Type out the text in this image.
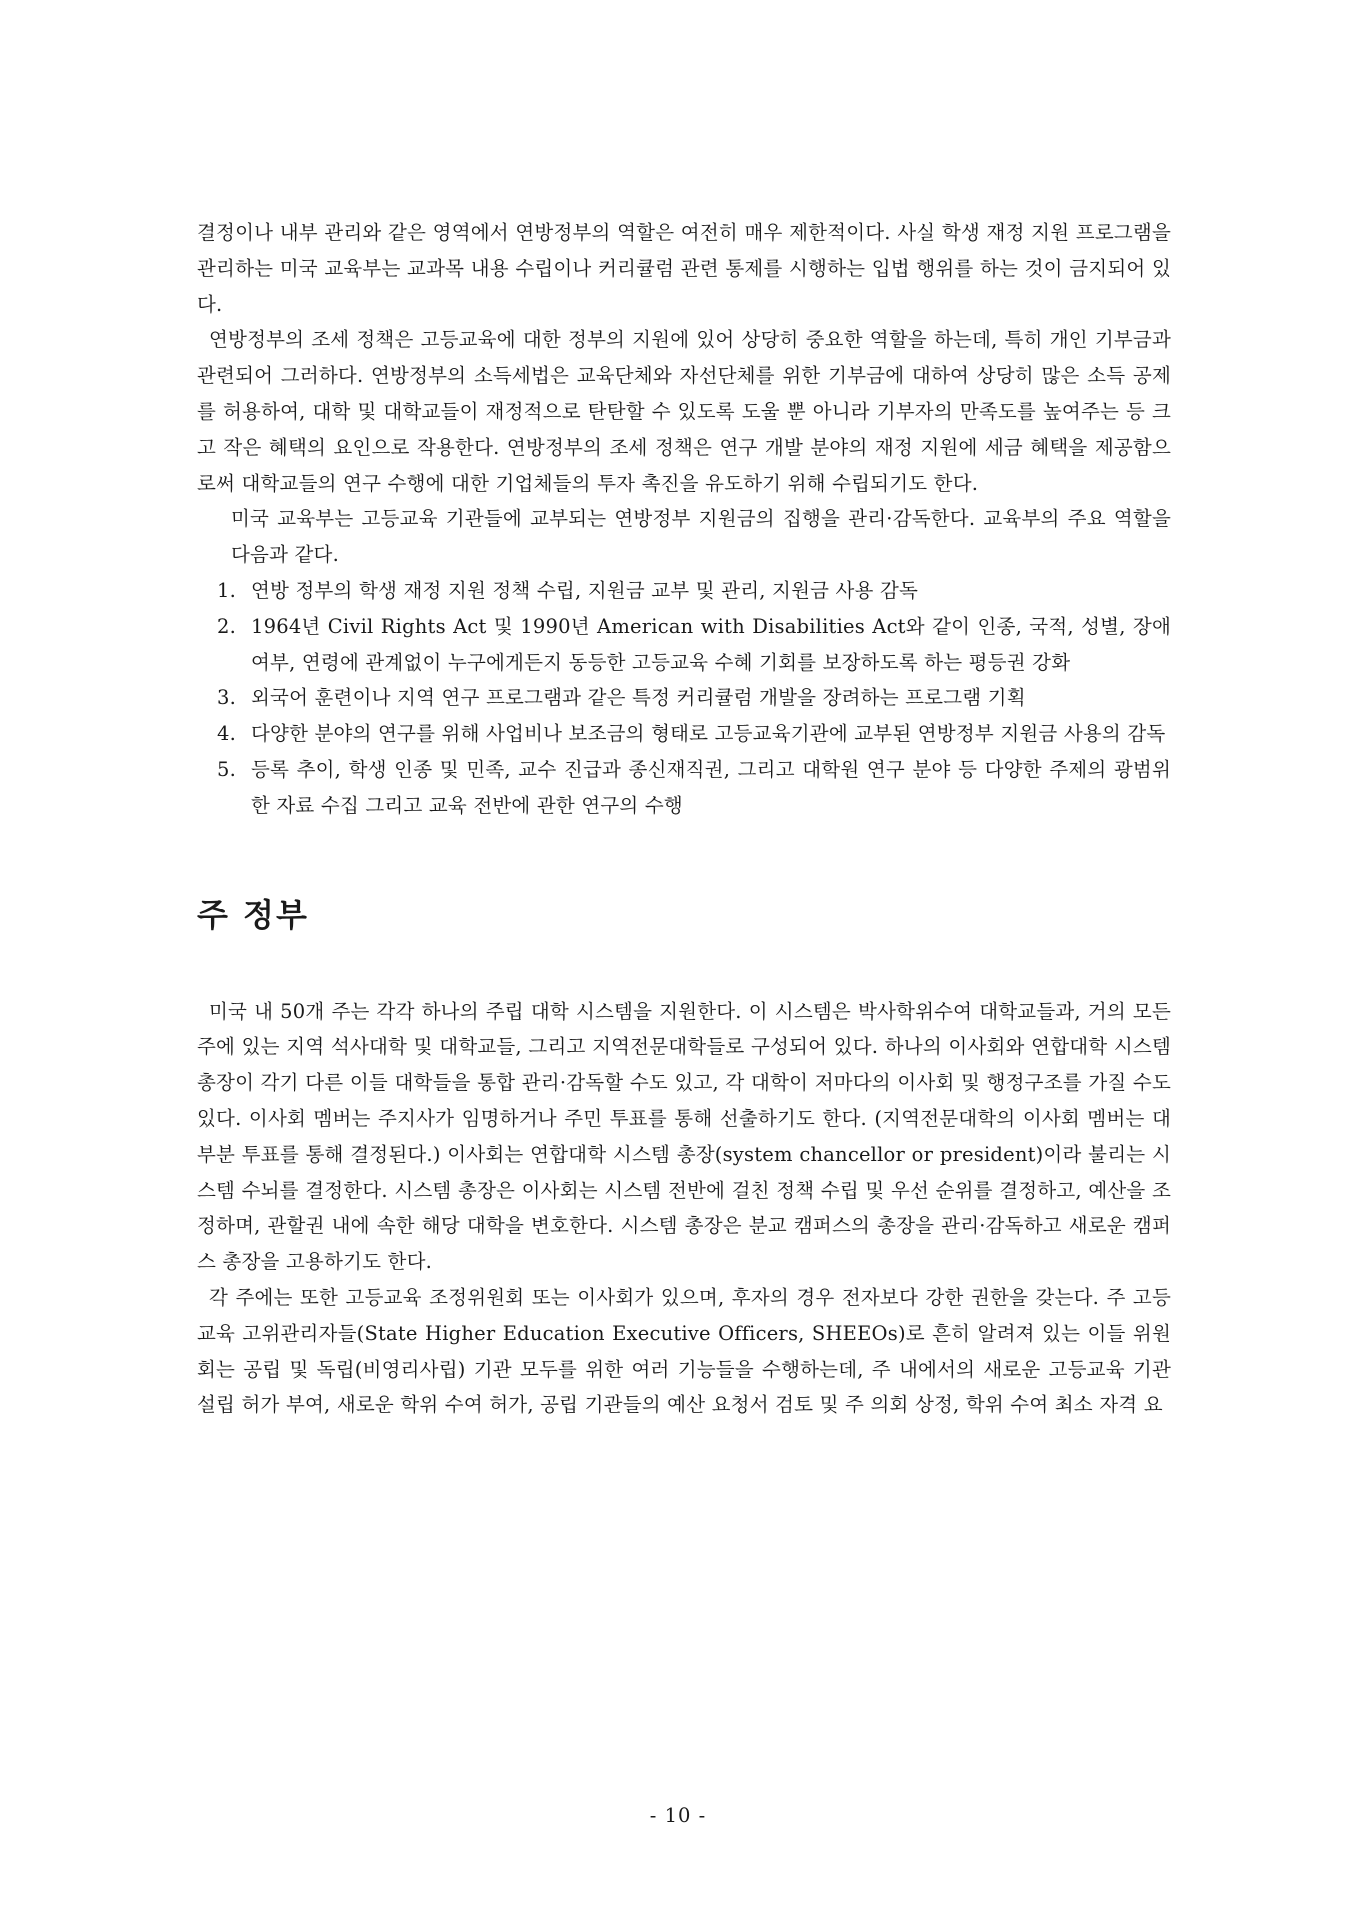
결정이나 내부 관리와 같은 영역에서 연방정부의 역할은 여전히 매우 제한적이다. 사실 학생 재정 지원 프로그램을 관리하는 미국 교육부는 교과목 내용 수립이나 커리큘럼 관련 통제를 시행하는 입법 행위를 하는 것이 금지되어 있다.

연방정부의 조세 정책은 고등교육에 대한 정부의 지원에 있어 상당히 중요한 역할을 하는데, 특히 개인 기부금과 관련되어 그러하다. 연방정부의 소득세법은 교육단체와 자선단체를 위한 기부금에 대하여 상당히 많은 소득 공제를 허용하여, 대학 및 대학교들이 재정적으로 탄탄할 수 있도록 도울 뿐 아니라 기부자의 만족도를 높여주는 등 크고 작은 혜택의 요인으로 작용한다. 연방정부의 조세 정책은 연구 개발 분야의 재정 지원에 세금 혜택을 제공함으로써 대학교들의 연구 수행에 대한 기업체들의 투자 촉진을 유도하기 위해 수립되기도 한다.

미국 교육부는 고등교육 기관들에 교부되는 연방정부 지원금의 집행을 관리·감독한다. 교육부의 주요 역할을 다음과 같다.

1. 연방 정부의 학생 재정 지원 정책 수립, 지원금 교부 및 관리, 지원금 사용 감독
2. 1964년 Civil Rights Act 및 1990년 American with Disabilities Act와 같이 인종, 국적, 성별, 장애여부, 연령에 관계없이 누구에게든지 동등한 고등교육 수혜 기회를 보장하도록 하는 평등권 강화
3. 외국어 훈련이나 지역 연구 프로그램과 같은 특정 커리큘럼 개발을 장려하는 프로그램 기획
4. 다양한 분야의 연구를 위해 사업비나 보조금의 형태로 고등교육기관에 교부된 연방정부 지원금 사용의 감독
5. 등록 추이, 학생 인종 및 민족, 교수 진급과 종신재직권, 그리고 대학원 연구 분야 등 다양한 주제의 광범위한 자료 수집 그리고 교육 전반에 관한 연구의 수행
주 정부

미국 내 50개 주는 각각 하나의 주립 대학 시스템을 지원한다. 이 시스템은 박사학위수여 대학교들과, 거의 모든 주에 있는 지역 석사대학 및 대학교들, 그리고 지역전문대학들로 구성되어 있다. 하나의 이사회와 연합대학 시스템 총장이 각기 다른 이들 대학들을 통합 관리·감독할 수도 있고, 각 대학이 저마다의 이사회 및 행정구조를 가질 수도 있다. 이사회 멤버는 주지사가 임명하거나 주민 투표를 통해 선출하기도 한다. (지역전문대학의 이사회 멤버는 대부분 투표를 통해 결정된다.) 이사회는 연합대학 시스템 총장(system chancellor or president)이라 불리는 시스템 수뇌를 결정한다. 시스템 총장은 이사회는 시스템 전반에 걸친 정책 수립 및 우선 순위를 결정하고, 예산을 조정하며, 관할권 내에 속한 해당 대학을 변호한다. 시스템 총장은 분교 캠퍼스의 총장을 관리·감독하고 새로운 캠퍼스 총장을 고용하기도 한다.

각 주에는 또한 고등교육 조정위원회 또는 이사회가 있으며, 후자의 경우 전자보다 강한 권한을 갖는다. 주 고등교육 고위관리자들(State Higher Education Executive Officers, SHEEOs)로 흔히 알려져 있는 이들 위원회는 공립 및 독립(비영리사립) 기관 모두를 위한 여러 기능들을 수행하는데, 주 내에서의 새로운 고등교육 기관 설립 허가 부여, 새로운 학위 수여 허가, 공립 기관들의 예산 요청서 검토 및 주 의회 상정, 학위 수여 최소 자격 요

- 10 -
